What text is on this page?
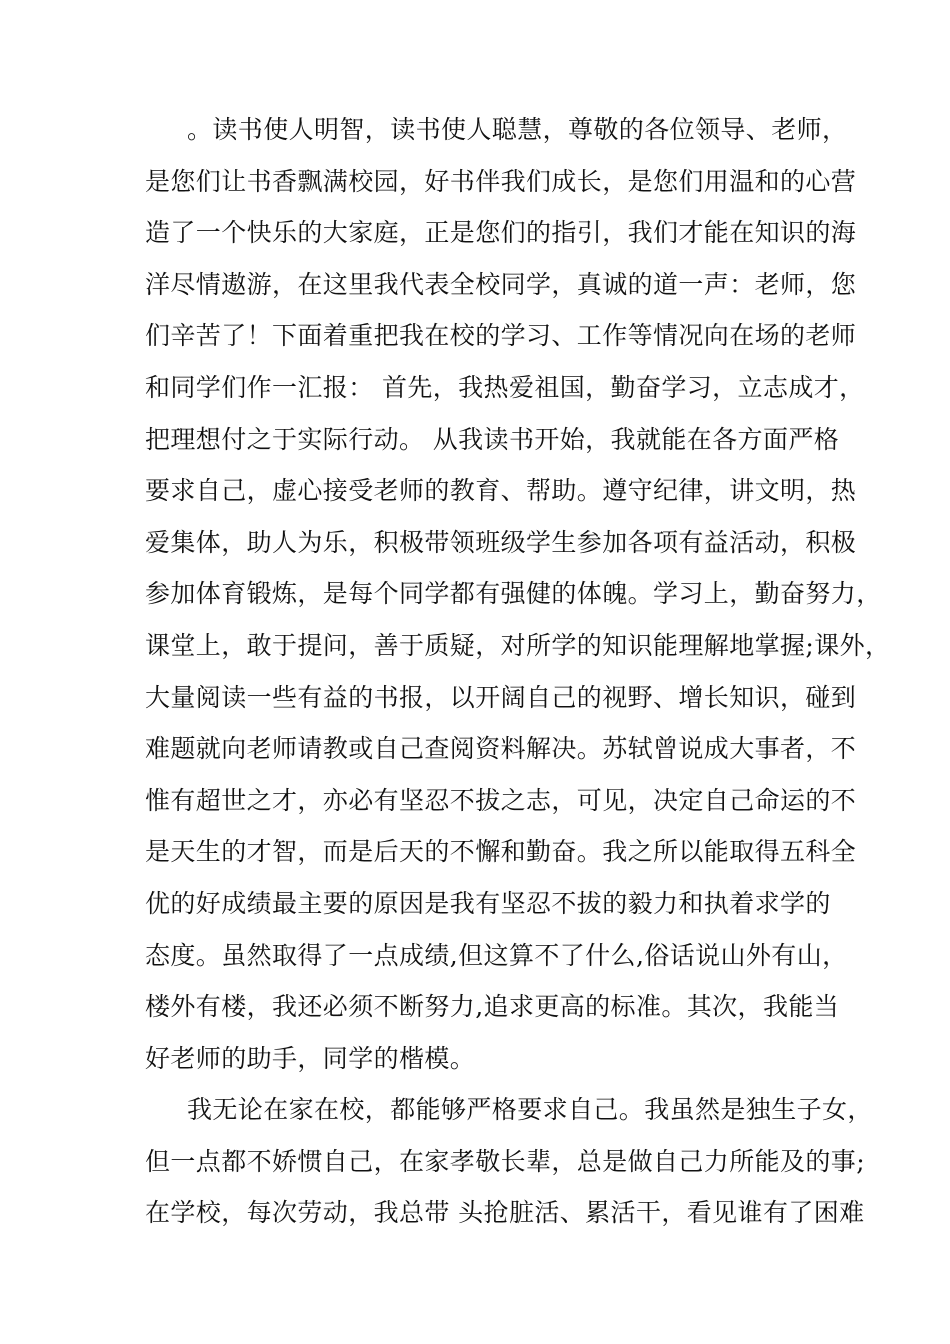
。读书使人明智，读书使人聪慧，尊敬的各位领导、老师，
是您们让书香飘满校园，好书伴我们成长，是您们用温和的心营
造了一个快乐的大家庭，正是您们的指引，我们才能在知识的海
洋尽情遨游，在这里我代表全校同学，真诚的道一声：老师，您
们辛苦了！下面着重把我在校的学习、工作等情况向在场的老师
和同学们作一汇报： 首先，我热爱祖国，勤奋学习，立志成才，
把理想付之于实际行动。 从我读书开始，我就能在各方面严格
要求自己，虚心接受老师的教育、帮助。遵守纪律，讲文明，热
爱集体，助人为乐，积极带领班级学生参加各项有益活动，积极
参加体育锻炼，是每个同学都有强健的体魄。学习上，勤奋努力，
课堂上，敢于提问，善于质疑，对所学的知识能理解地掌握;课外，
大量阅读一些有益的书报，以开阔自己的视野、增长知识，碰到
难题就向老师请教或自己查阅资料解决。苏轼曾说成大事者，不
惟有超世之才，亦必有坚忍不拔之志，可见，决定自己命运的不
是天生的才智，而是后天的不懈和勤奋。我之所以能取得五科全
优的好成绩最主要的原因是我有坚忍不拔的毅力和执着求学的
态度。虽然取得了一点成绩,但这算不了什么,俗话说山外有山，
楼外有楼，我还必须不断努力,追求更高的标准。其次，我能当
好老师的助手，同学的楷模。
我无论在家在校，都能够严格要求自己。我虽然是独生子女，
但一点都不娇惯自己，在家孝敬长辈，总是做自己力所能及的事;
在学校，每次劳动，我总带 头抢脏活、累活干，看见谁有了困难
